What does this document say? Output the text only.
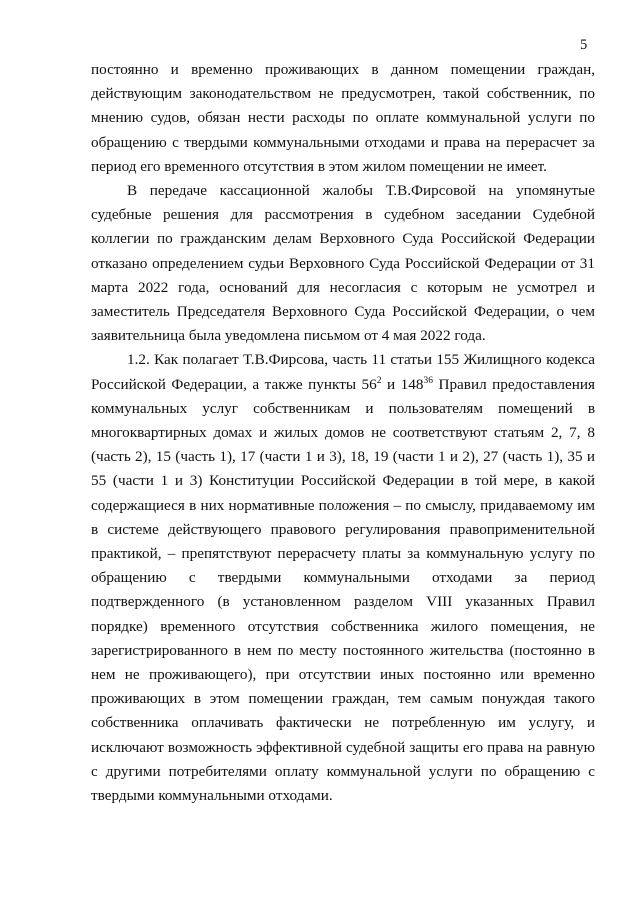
5

постоянно и временно проживающих в данном помещении граждан,
действующим законодательством не предусмотрен, такой собственник, по
мнению судов, обязан нести расходы по оплате коммунальной услуги по
обращению с твердыми коммунальными отходами и права на перерасчет за
период его временного отсутствия в этом жилом помещении не имеет.

В передаче кассационной жалобы Т.В.Фирсовой на упомянутые
судебные решения для рассмотрения в судебном заседании Судебной
коллегии по гражданским делам Верховного Суда Российской Федерации
отказано определением судьи Верховного Суда Российской Федерации от 31
марта 2022 года, оснований для несогласия с которым не усмотрел и
заместитель Председателя Верховного Суда Российской Федерации, о чем
заявительница была уведомлена письмом от 4 мая 2022 года.

1.2. Как полагает Т.В.Фирсова, часть 11 статьи 155 Жилищного кодекса
Российской Федерации, а также пункты $56^2$ и $148^{36}$ Правил предоставления
коммунальных услуг собственникам и пользователям помещений в
многоквартирных домах и жилых домов не соответствуют статьям 2, 7, 8
(часть 2), 15 (часть 1), 17 (части 1 и 3), 18, 19 (части 1 и 2), 27 (часть 1), 35 и
55 (части 1 и 3) Конституции Российской Федерации в той мере, в какой
содержащиеся в них нормативные положения – по смыслу, придаваемому им
в системе действующего правового регулирования правоприменительной
практикой, – препятствуют перерасчету платы за коммунальную услугу по
обращению с твердыми коммунальными отходами за период
подтвержденного (в установленном разделом VIII указанных Правил
порядке) временного отсутствия собственника жилого помещения, не
зарегистрированного в нем по месту постоянного жительства (постоянно в
нем не проживающего), при отсутствии иных постоянно или временно
проживающих в этом помещении граждан, тем самым понуждая такого
собственника оплачивать фактически не потребленную им услугу, и
исключают возможность эффективной судебной защиты его права на равную
с другими потребителями оплату коммунальной услуги по обращению с
твердыми коммунальными отходами.
